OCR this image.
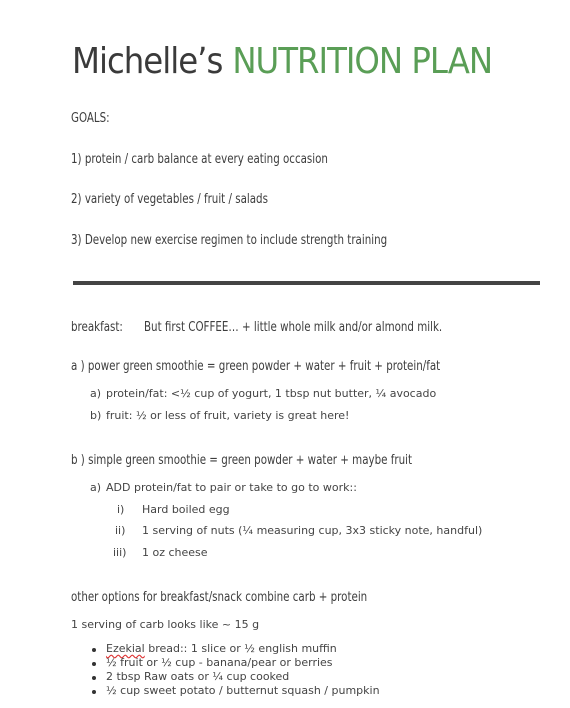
Michelle’s NUTRITION PLAN
GOALS:
1) protein / carb balance at every eating occasion
2) variety of vegetables / fruit / salads
3) Develop new exercise regimen to include strength training
breakfast: But first COFFEE… + little whole milk and/or almond milk.
a ) power green smoothie = green powder + water + fruit + protein/fat
a) protein/fat: <½ cup of yogurt, 1 tbsp nut butter, ¼ avocado
b) fruit: ½ or less of fruit, variety is great here!
b ) simple green smoothie = green powder + water + maybe fruit
a) ADD protein/fat to pair or take to go to work::
i) Hard boiled egg
ii) 1 serving of nuts (¼ measuring cup, 3x3 sticky note, handful)
iii) 1 oz cheese
other options for breakfast/snack combine carb + protein
1 serving of carb looks like ~ 15 g
Ezekial bread:: 1 slice or ½ english muffin
½ fruit or ½ cup - banana/pear or berries
2 tbsp Raw oats or ¼ cup cooked
½ cup sweet potato / butternut squash / pumpkin
